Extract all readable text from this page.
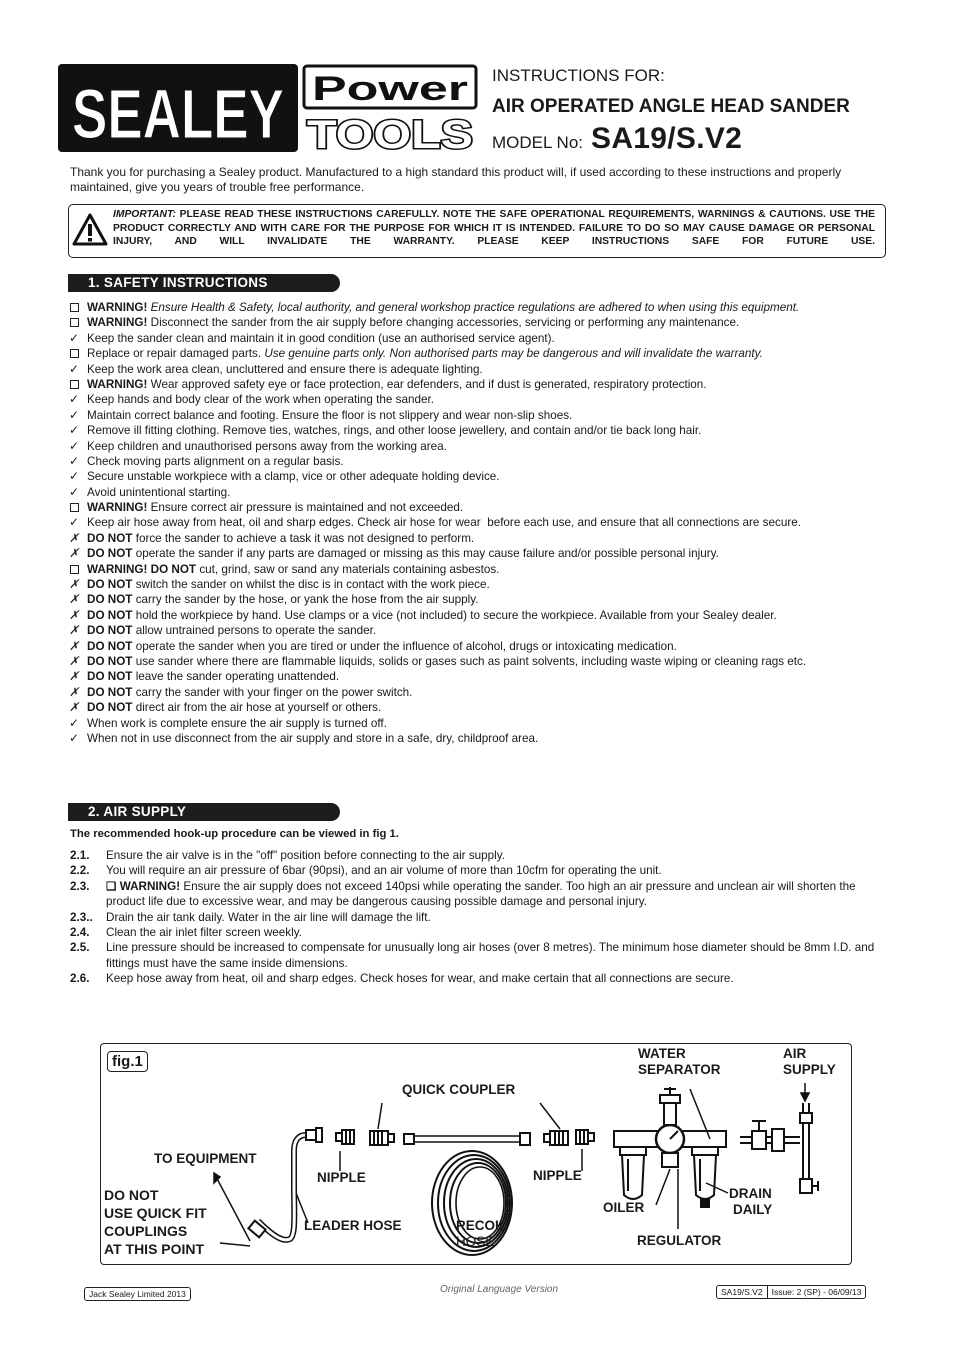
SEALEY Power
TOOLS
INSTRUCTIONS FOR:
AIR OPERATED ANGLE HEAD SANDER
MODEL No: SA19/S.V2
Thank you for purchasing a Sealey product. Manufactured to a high standard this product will, if used according to these instructions and properly maintained, give you years of trouble free performance.
IMPORTANT: PLEASE READ THESE INSTRUCTIONS CAREFULLY. NOTE THE SAFE OPERATIONAL REQUIREMENTS, WARNINGS & CAUTIONS. USE THE PRODUCT CORRECTLY AND WITH CARE FOR THE PURPOSE FOR WHICH IT IS INTENDED. FAILURE TO DO SO MAY CAUSE DAMAGE OR PERSONAL INJURY, AND WILL INVALIDATE THE WARRANTY. PLEASE KEEP INSTRUCTIONS SAFE FOR FUTURE USE.
1. SAFETY INSTRUCTIONS
WARNING! Ensure Health & Safety, local authority, and general workshop practice regulations are adhered to when using this equipment.
WARNING! Disconnect the sander from the air supply before changing accessories, servicing or performing any maintenance.
✓ Keep the sander clean and maintain it in good condition (use an authorised service agent).
Replace or repair damaged parts. Use genuine parts only. Non authorised parts may be dangerous and will invalidate the warranty.
✓ Keep the work area clean, uncluttered and ensure there is adequate lighting.
WARNING! Wear approved safety eye or face protection, ear defenders, and if dust is generated, respiratory protection.
✓ Keep hands and body clear of the work when operating the sander.
✓ Maintain correct balance and footing. Ensure the floor is not slippery and wear non-slip shoes.
✓ Remove ill fitting clothing. Remove ties, watches, rings, and other loose jewellery, and contain and/or tie back long hair.
✓ Keep children and unauthorised persons away from the working area.
✓ Check moving parts alignment on a regular basis.
✓ Secure unstable workpiece with a clamp, vice or other adequate holding device.
✓ Avoid unintentional starting.
WARNING! Ensure correct air pressure is maintained and not exceeded.
✓ Keep air hose away from heat, oil and sharp edges. Check air hose for wear  before each use, and ensure that all connections are secure.
✗ DO NOT force the sander to achieve a task it was not designed to perform.
✗ DO NOT operate the sander if any parts are damaged or missing as this may cause failure and/or possible personal injury.
WARNING! DO NOT cut, grind, saw or sand any materials containing asbestos.
✗ DO NOT switch the sander on whilst the disc is in contact with the work piece.
✗ DO NOT carry the sander by the hose, or yank the hose from the air supply.
✗ DO NOT hold the workpiece by hand. Use clamps or a vice (not included) to secure the workpiece. Available from your Sealey dealer.
✗ DO NOT allow untrained persons to operate the sander.
✗ DO NOT operate the sander when you are tired or under the influence of alcohol, drugs or intoxicating medication.
✗ DO NOT use sander where there are flammable liquids, solids or gases such as paint solvents, including waste wiping or cleaning rags etc.
✗ DO NOT leave the sander operating unattended.
✗ DO NOT carry the sander with your finger on the power switch.
✗ DO NOT direct air from the air hose at yourself or others.
✓ When work is complete ensure the air supply is turned off.
✓ When not in use disconnect from the air supply and store in a safe, dry, childproof area.
2. AIR SUPPLY
The recommended hook-up procedure can be viewed in fig 1.
2.1. Ensure the air valve is in the "off" position before connecting to the air supply.
2.2. You will require an air pressure of 6bar (90psi), and an air volume of more than 10cfm for operating the unit.
2.3. ❏ WARNING! Ensure the air supply does not exceed 140psi while operating the sander. Too high an air pressure and unclean air will shorten the product life due to excessive wear, and may be dangerous causing possible damage and personal injury.
2.3.. Drain the air tank daily. Water in the air line will damage the lift.
2.4. Clean the air inlet filter screen weekly.
2.5. Line pressure should be increased to compensate for unusually long air hoses (over 8 metres). The minimum hose diameter should be 8mm I.D. and fittings must have the same inside dimensions.
2.6. Keep hose away from heat, oil and sharp edges. Check hoses for wear, and make certain that all connections are secure.
fig.1
TO EQUIPMENT
DO NOT
USE QUICK FIT
COUPLINGS
AT THIS POINT
NIPPLE
LEADER HOSE
QUICK COUPLER
RECOIL
HOSE
NIPPLE
WATER
SEPARATOR
OILER
REGULATOR
AIR
SUPPLY
DRAIN
DAILY
Jack Sealey Limited 2013	Original Language Version	SA19/S.V2	Issue: 2 (SP) - 06/09/13
